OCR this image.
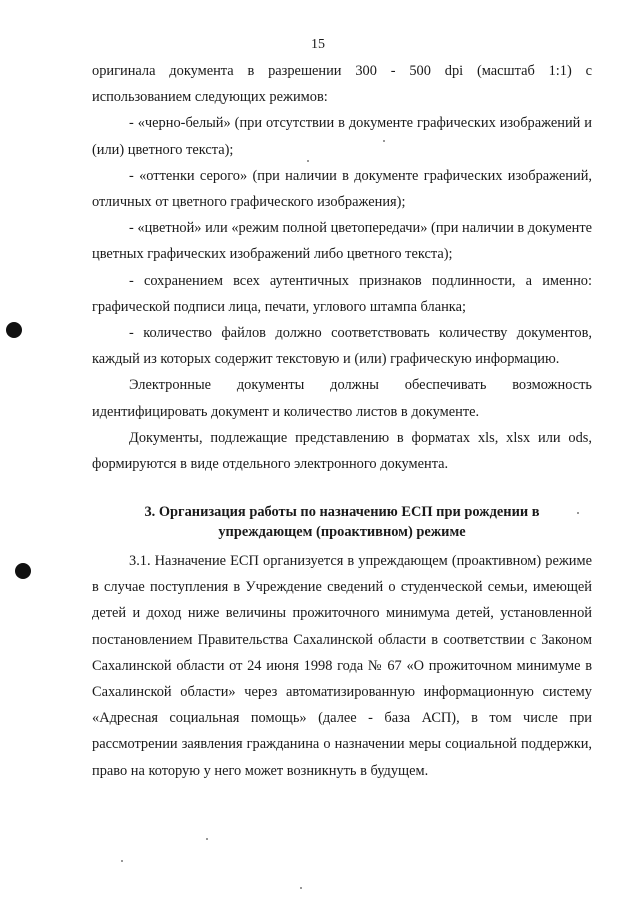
15

оригинала документа в разрешении 300 - 500 dpi (масштаб 1:1) с использованием следующих режимов:

- «черно-белый» (при отсутствии в документе графических изображений и (или) цветного текста);

- «оттенки серого» (при наличии в документе графических изображений, отличных от цветного графического изображения);

- «цветной» или «режим полной цветопередачи» (при наличии в документе цветных графических изображений либо цветного текста);

- сохранением всех аутентичных признаков подлинности, а именно: графической подписи лица, печати, углового штампа бланка;

- количество файлов должно соответствовать количеству документов, каждый из которых содержит текстовую и (или) графическую информацию.

Электронные документы должны обеспечивать возможность идентифицировать документ и количество листов в документе.

Документы, подлежащие представлению в форматах xls, xlsx или ods, формируются в виде отдельного электронного документа.

3. Организация работы по назначению ЕСП при рождении в
упреждающем (проактивном) режиме

3.1. Назначение ЕСП организуется в упреждающем (проактивном) режиме в случае поступления в Учреждение сведений о студенческой семьи, имеющей детей и доход ниже величины прожиточного минимума детей, установленной постановлением Правительства Сахалинской области в соответствии с Законом Сахалинской области от 24 июня 1998 года № 67 «О прожиточном минимуме в Сахалинской области» через автоматизированную информационную систему «Адресная социальная помощь» (далее - база АСП), в том числе при рассмотрении заявления гражданина о назначении меры социальной поддержки, право на которую у него может возникнуть в будущем.
